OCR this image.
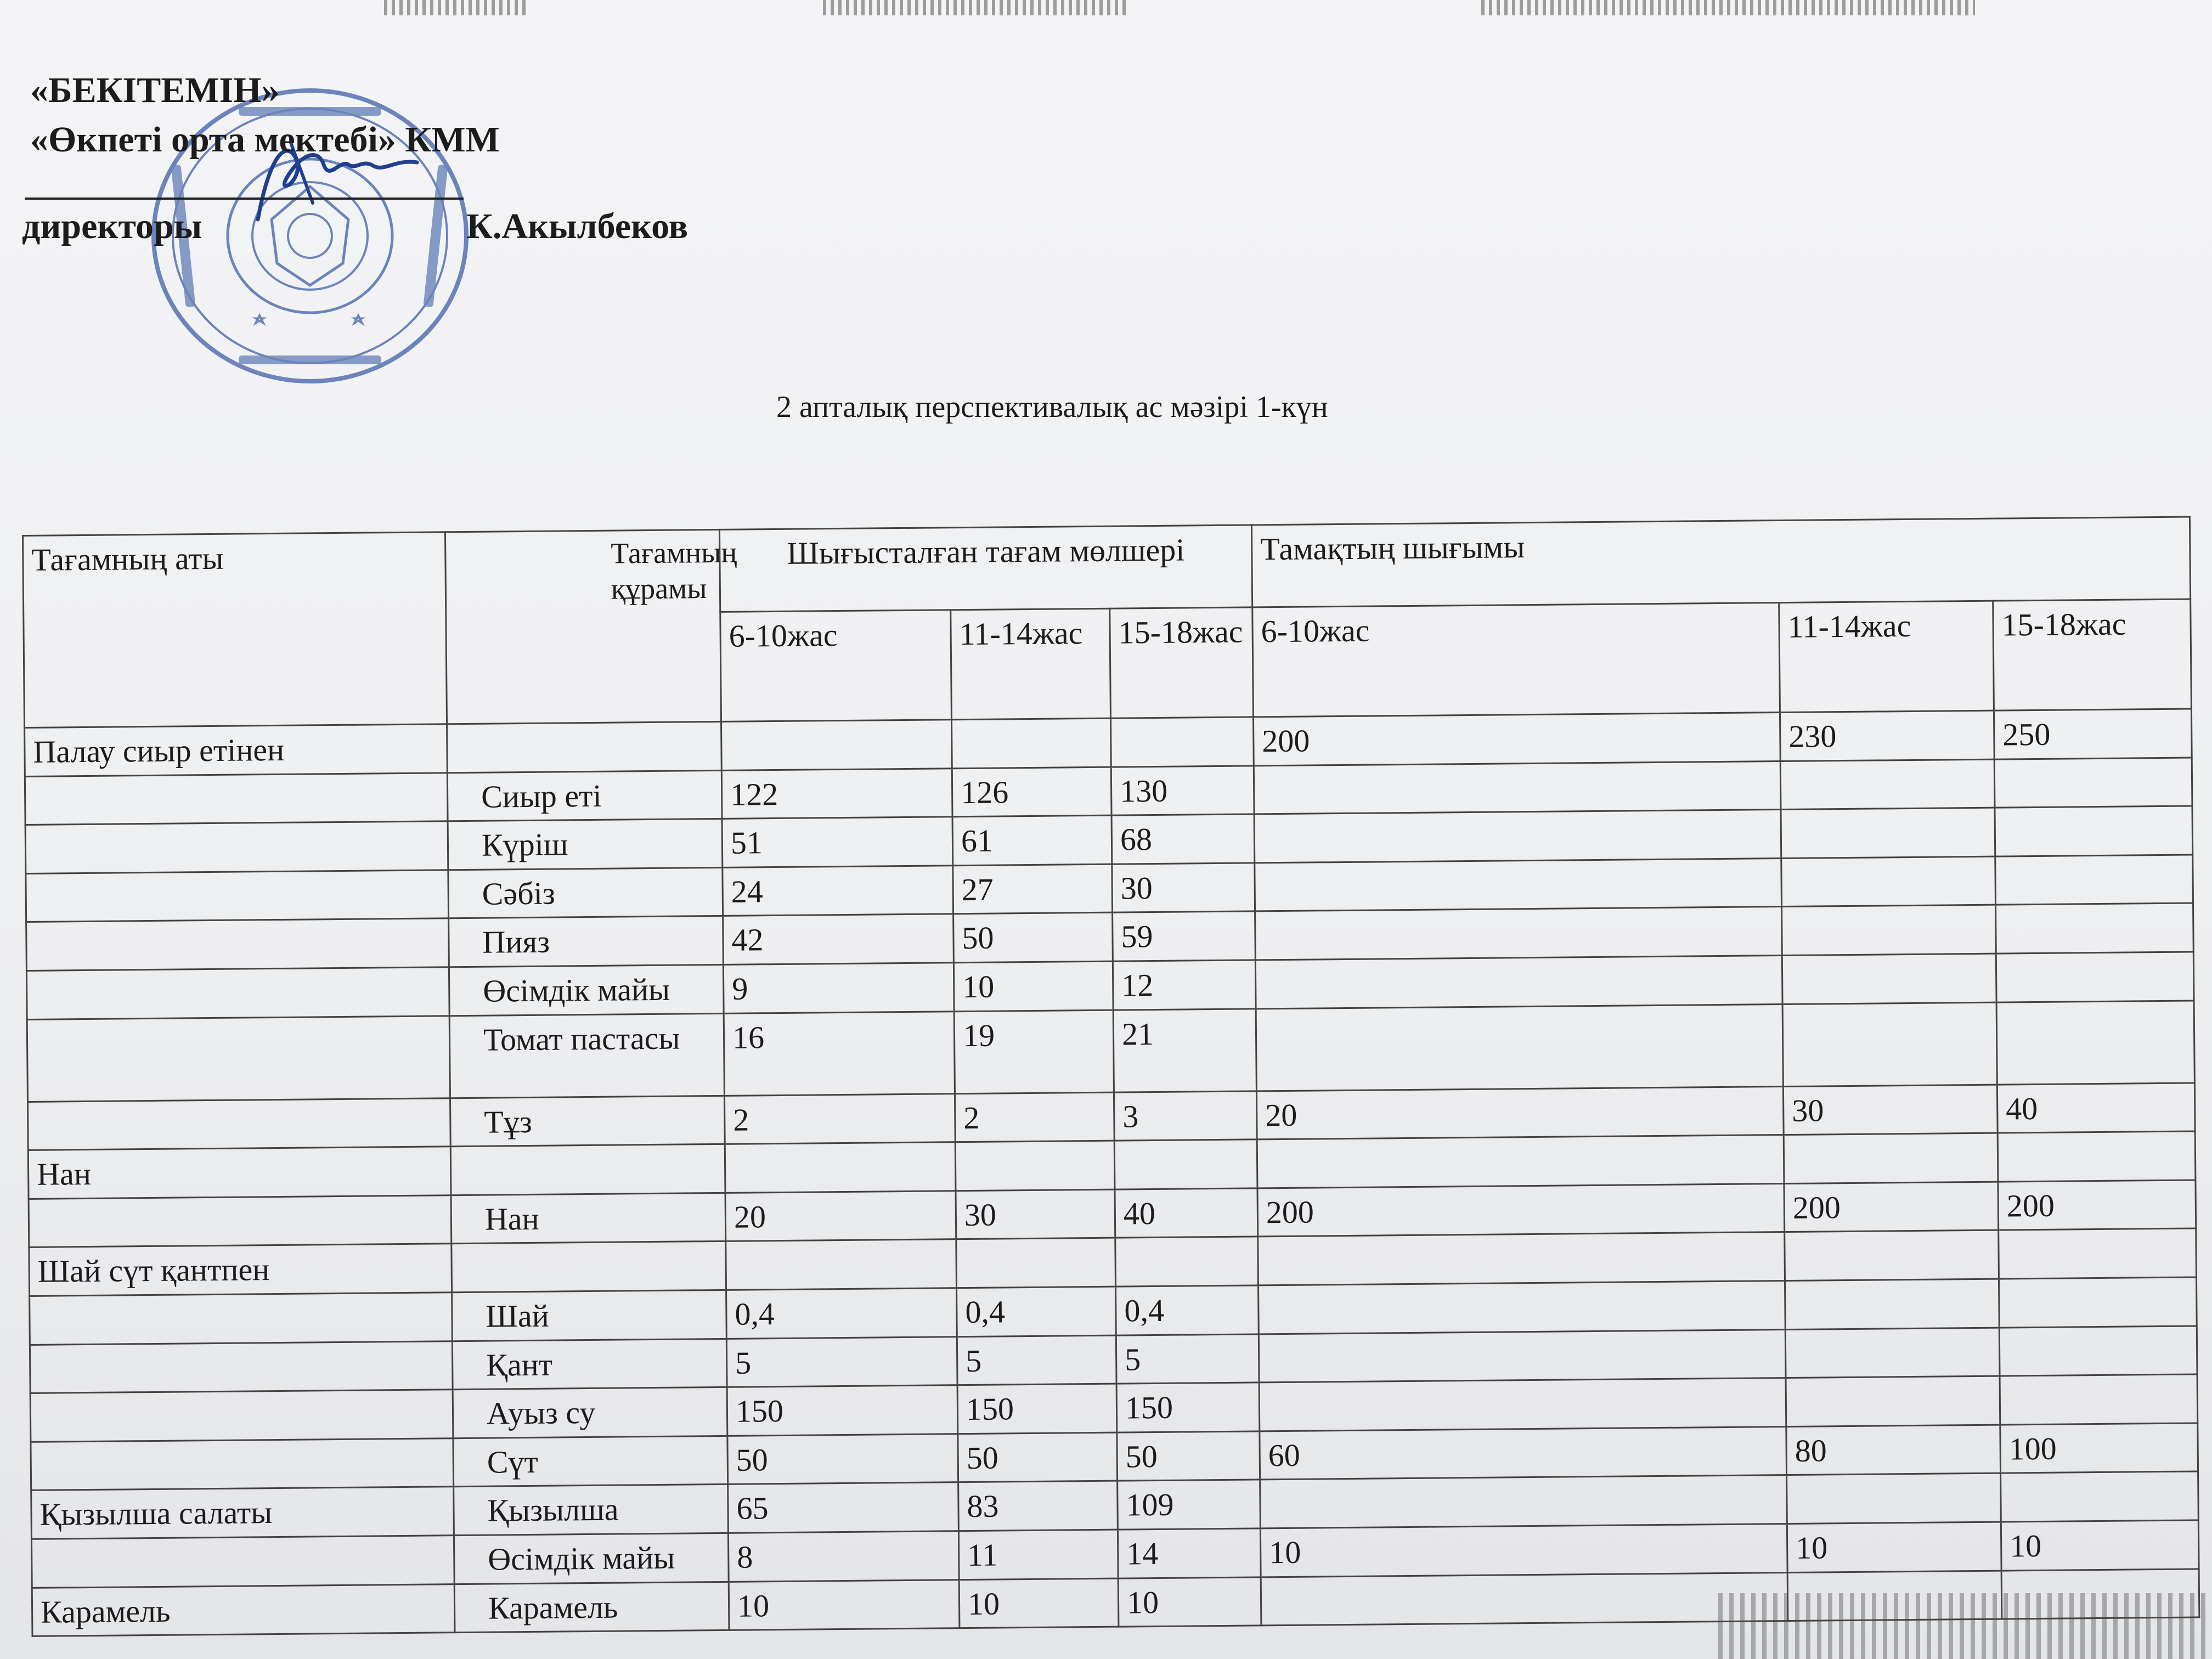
«БЕКІТЕМІН»
«Өкпеті орта мектебі» КММ
директоры	К.Акылбеков
2 апталық перспективалық ас мәзірі 1-күн
Тағамның аты	Тағамның құрамы	Шығысталған тағам мөлшері			Тамақтың шығымы		
		6-10жас	11-14жас	15-18жас	6-10жас	11-14жас	15-18жас
Палау сиыр етінен					200	230	250
	Сиыр еті	122	126	130			
	Күріш	51	61	68			
	Сәбіз	24	27	30			
	Пияз	42	50	59			
	Өсімдік майы	9	10	12			
	Томат пастасы	16	19	21			
	Тұз	2	2	3	20	30	40
Нан							
	Нан	20	30	40	200	200	200
Шай сүт қантпен							
	Шай	0,4	0,4	0,4			
	Қант	5	5	5			
	Ауыз су	150	150	150			
	Сүт	50	50	50	60	80	100
Қызылша салаты	Қызылша	65	83	109			
	Өсімдік майы	8	11	14	10	10	10
Карамель	Карамель	10	10	10			
